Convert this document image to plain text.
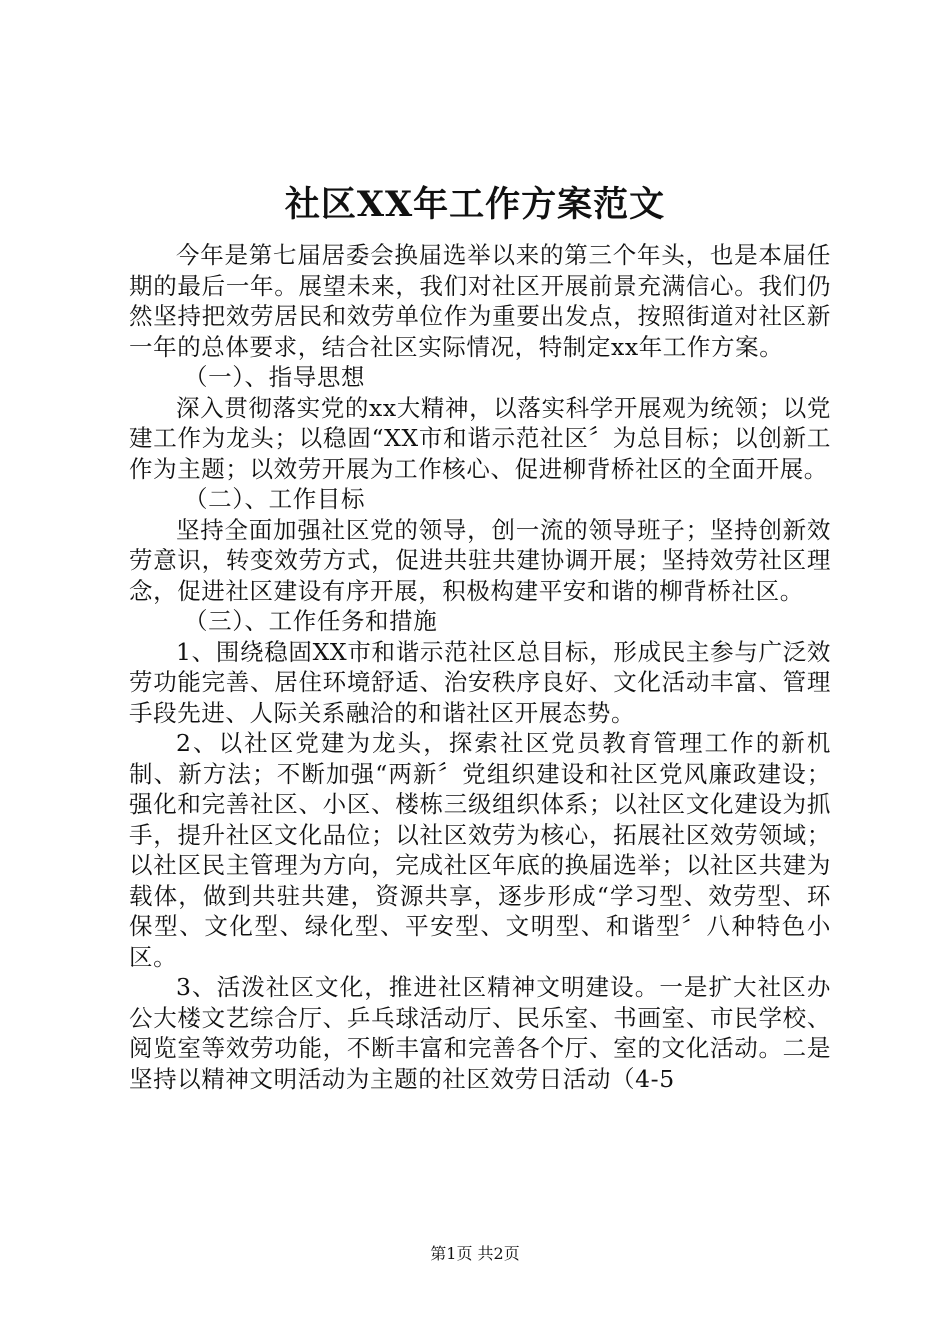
社区XX年工作方案范文

今年是第七届居委会换届选举以来的第三个年头，也是本届任期的最后一年。展望未来，我们对社区开展前景充满信心。我们仍然坚持把效劳居民和效劳单位作为重要出发点，按照街道对社区新一年的总体要求，结合社区实际情况，特制定xx年工作方案。

（一）、指导思想

深入贯彻落实党的xx大精神，以落实科学开展观为统领；以党建工作为龙头；以稳固“XX市和谐示范社区〞为总目标；以创新工作为主题；以效劳开展为工作核心、促进柳背桥社区的全面开展。

（二）、工作目标

坚持全面加强社区党的领导，创一流的领导班子；坚持创新效劳意识，转变效劳方式，促进共驻共建协调开展；坚持效劳社区理念，促进社区建设有序开展，积极构建平安和谐的柳背桥社区。

（三）、工作任务和措施

1、围绕稳固XX市和谐示范社区总目标，形成民主参与广泛效劳功能完善、居住环境舒适、治安秩序良好、文化活动丰富、管理手段先进、人际关系融洽的和谐社区开展态势。

2、以社区党建为龙头，探索社区党员教育管理工作的新机制、新方法；不断加强“两新〞党组织建设和社区党风廉政建设；强化和完善社区、小区、楼栋三级组织体系；以社区文化建设为抓手，提升社区文化品位；以社区效劳为核心，拓展社区效劳领域；以社区民主管理为方向，完成社区年底的换届选举；以社区共建为载体，做到共驻共建，资源共享，逐步形成“学习型、效劳型、环保型、文化型、绿化型、平安型、文明型、和谐型〞八种特色小区。

3、活泼社区文化，推进社区精神文明建设。一是扩大社区办公大楼文艺综合厅、乒乓球活动厅、民乐室、书画室、市民学校、阅览室等效劳功能，不断丰富和完善各个厅、室的文化活动。二是坚持以精神文明活动为主题的社区效劳日活动（4-5

第1页 共2页
